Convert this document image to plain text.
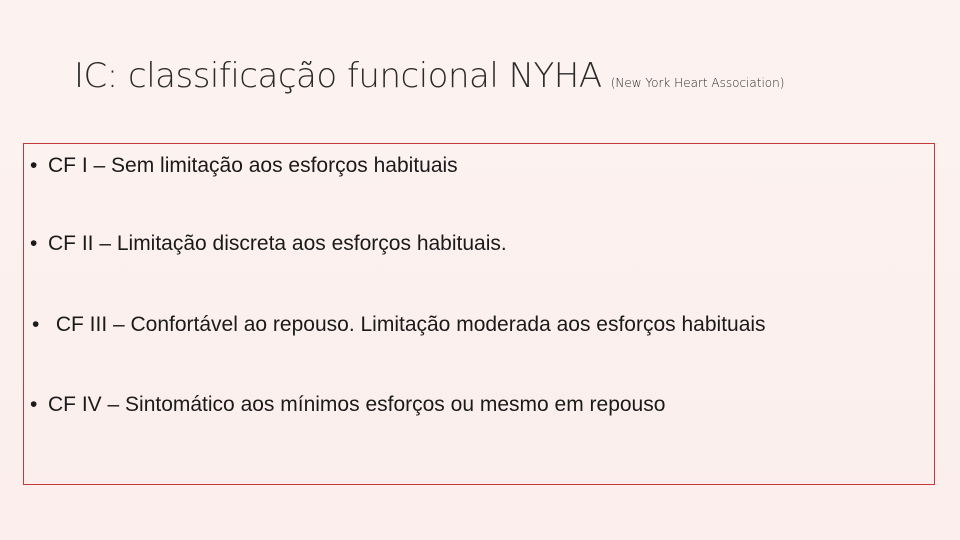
IC: classificação funcional NYHA (New York Heart Association)
• CF I – Sem limitação aos esforços habituais
• CF II – Limitação discreta aos esforços habituais.
• CF III – Confortável ao repouso. Limitação moderada aos esforços habituais
• CF IV – Sintomático aos mínimos esforços ou mesmo em repouso
